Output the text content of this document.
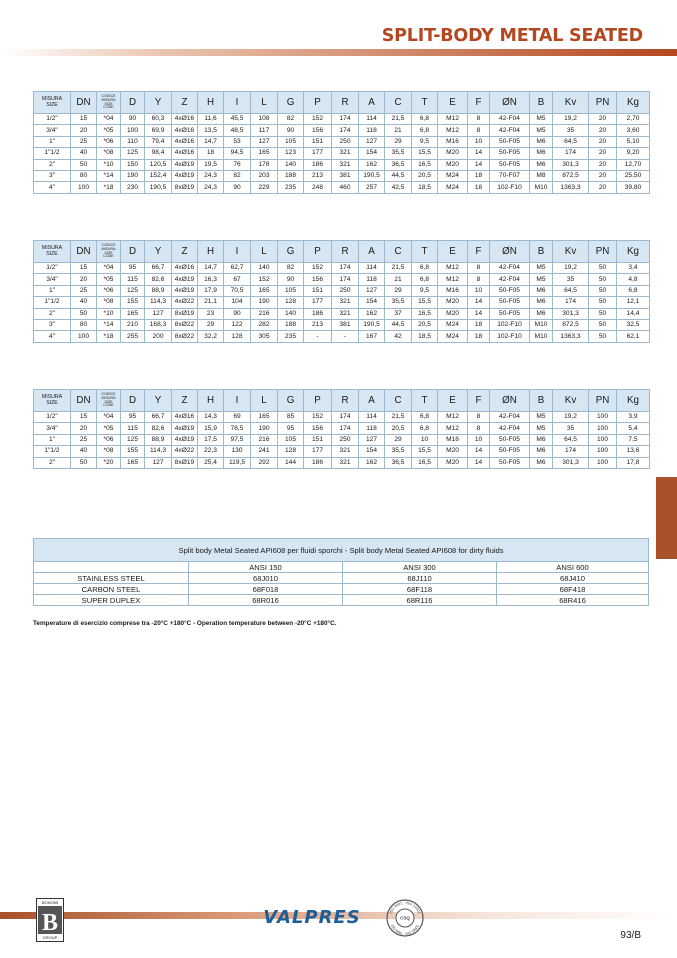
SPLIT-BODY METAL SEATED
MISURA
SIZE	DN	CODICE
MISURA
SIZE
CODE	D	Y	Z	H	I	L	G	P	R	A	C	T	E	F	ØN	B	Kv	PN	Kg
1/2"	15	*04	90	60,3	4xØ16	11,6	45,5	108	82	152	174	114	21,5	6,8	M12	8	42-F04	M5	19,2	20	2,70
3/4"	20	*05	100	69,9	4xØ16	13,5	48,5	117	90	156	174	118	21	6,8	M12	8	42-F04	M5	35	20	3,60
1"	25	*06	110	79,4	4xØ16	14,7	53	127	105	151	250	127	29	9,5	M16	10	50-F05	M6	64,5	20	5,10
1"1/2	40	*08	125	98,4	4xØ16	18	94,5	165	123	177	321	154	35,5	15,5	M20	14	50-F05	M6	174	20	9,20
2"	50	*10	150	120,5	4xØ19	19,5	76	178	140	186	321	162	36,5	16,5	M20	14	50-F05	M6	301,3	20	12,70
3"	80	*14	190	152,4	4xØ19	24,3	82	203	188	213	381	190,5	44,5	20,5	M24	18	70-F07	M8	872,5	20	25,50
4"	100	*18	230	190,5	8xØ19	24,3	90	229	235	248	460	257	42,5	18,5	M24	18	102-F10	M10	1363,3	20	39,80
MISURA
SIZE	DN	CODICE
MISURA
SIZE
CODE	D	Y	Z	H	I	L	G	P	R	A	C	T	E	F	ØN	B	Kv	PN	Kg
1/2"	15	*04	95	66,7	4xØ16	14,7	62,7	140	82	152	174	114	21,5	6,8	M12	8	42-F04	M5	19,2	50	3,4
3/4"	20	*05	115	82,6	4xØ19	16,3	67	152	90	156	174	118	21	6,8	M12	8	42-F04	M5	35	50	4,8
1"	25	*06	125	88,9	4xØ19	17,9	70,5	165	105	151	250	127	29	9,5	M16	10	50-F05	M6	64,5	50	6,8
1"1/2	40	*08	155	114,3	4xØ22	21,1	104	190	128	177	321	154	35,5	15,5	M20	14	50-F05	M6	174	50	12,1
2"	50	*10	165	127	8xØ19	23	90	216	140	186	321	162	37	16,5	M20	14	50-F05	M6	301,3	50	14,4
3"	80	*14	210	168,3	8xØ22	29	122	282	188	213	381	190,5	44,5	20,5	M24	18	102-F10	M10	872,5	50	32,5
4"	100	*18	255	200	8xØ22	32,2	128	305	235	-	-	167	42	18,5	M24	18	102-F10	M10	1363,3	50	62,1
MISURA
SIZE	DN	CODICE
MISURA
SIZE
CODE	D	Y	Z	H	I	L	G	P	R	A	C	T	E	F	ØN	B	Kv	PN	Kg
1/2"	15	*04	95	66,7	4xØ16	14,3	69	165	85	152	174	114	21,5	6,8	M12	8	42-F04	M5	19,2	100	3,9
3/4"	20	*05	115	82,6	4xØ19	15,9	78,5	190	95	156	174	118	20,5	6,8	M12	8	42-F04	M5	35	100	5,4
1"	25	*06	125	88,9	4xØ19	17,5	97,5	216	105	151	250	127	29	10	M16	10	50-F05	M6	64,5	100	7,5
1"1/2	40	*08	155	114,3	4xØ22	22,3	130	241	128	177	321	154	35,5	15,5	M20	14	50-F05	M6	174	100	13,6
2"	50	*20	165	127	8xØ19	25,4	119,5	292	144	186	321	162	36,5	16,5	M20	14	50-F05	M6	301,3	100	17,8
Split body Metal Seated API608 per fluidi sporchi - Split body Metal Seated API608 for dirty fluids			
	ANSI 150	ANSI 300	ANSI 600
STAINLESS STEEL	68J010	68J110	68J410
CARBON STEEL	68F018	68F118	68F418
SUPER DUPLEX	68R016	68R116	68R416
Temperature di esercizio comprese tra -20°C +180°C - Operation temperature between -20°C +180°C.
BONOMI
B
GROUP
VALPRES	ISO 9001 · ISO 14001
ISO 9001 · ISO 14001
CSQ
93/B
